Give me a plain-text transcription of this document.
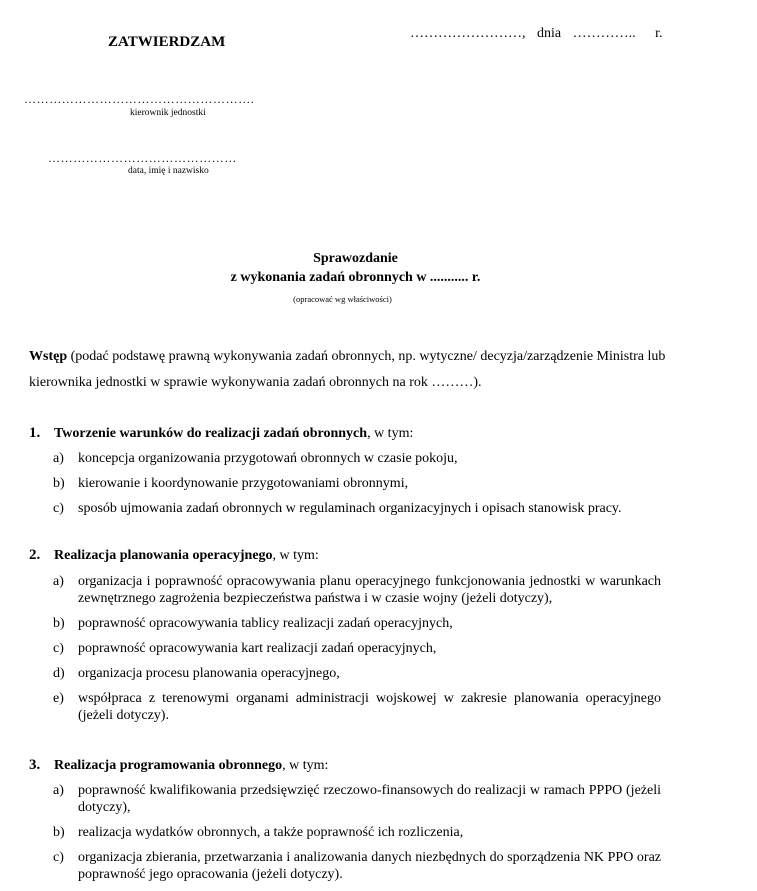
ZATWIERDZAM
……………………, dnia ………….. r.
……………………………………………….
kierownik jednostki
………………………………………
data, imię i nazwisko
Sprawozdanie
z wykonania zadań obronnych w ........... r.
(opracować wg właściwości)
Wstęp (podać podstawę prawną wykonywania zadań obronnych, np. wytyczne/ decyzja/zarządzenie Ministra lub kierownika jednostki w sprawie wykonywania zadań obronnych na rok ………).
1. Tworzenie warunków do realizacji zadań obronnych, w tym:
a)	koncepcja organizowania przygotowań obronnych w czasie pokoju,
b) kierowanie i koordynowanie przygotowaniami obronnymi,
c)	sposób ujmowania zadań obronnych w regulaminach organizacyjnych i opisach stanowisk pracy.
2. Realizacja planowania operacyjnego, w tym:
a)	organizacja i poprawność opracowywania planu operacyjnego funkcjonowania jednostki w warunkach zewnętrznego zagrożenia bezpieczeństwa państwa i w czasie wojny (jeżeli dotyczy),
b) poprawność opracowywania tablicy realizacji zadań operacyjnych,
c)	poprawność opracowywania kart realizacji zadań operacyjnych,
d) organizacja procesu planowania operacyjnego,
e)	współpraca z terenowymi organami administracji wojskowej w zakresie planowania operacyjnego (jeżeli dotyczy).
3. Realizacja programowania obronnego, w tym:
a)	poprawność kwalifikowania przedsięwzięć rzeczowo-finansowych do realizacji w ramach PPPO (jeżeli dotyczy),
b) realizacja wydatków obronnych, a także poprawność ich rozliczenia,
c)	organizacja zbierania, przetwarzania i analizowania danych niezbędnych do sporządzenia NK PPO oraz poprawność jego opracowania (jeżeli dotyczy).
